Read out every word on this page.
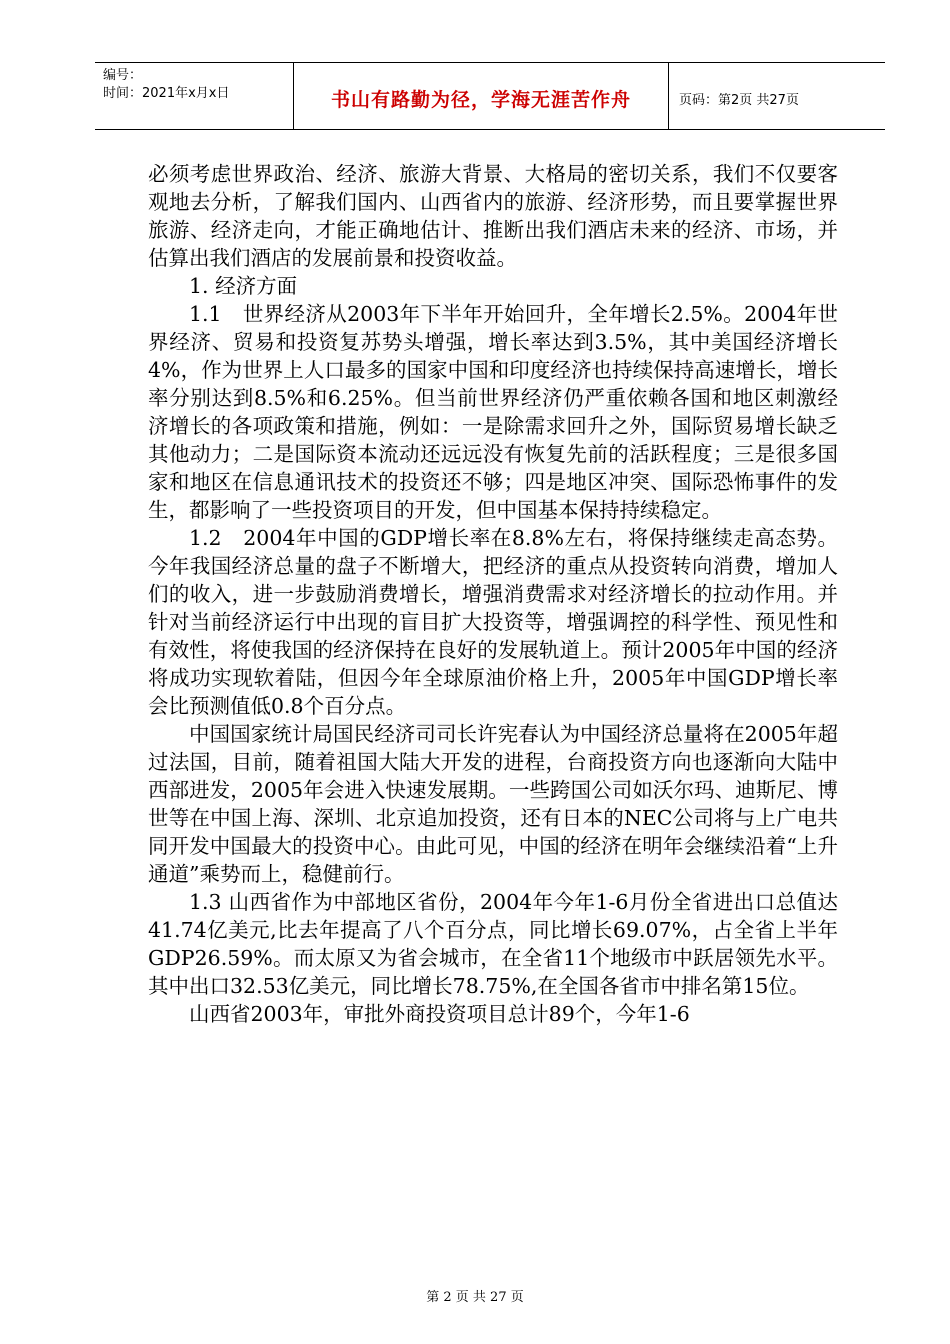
编号：
时间：2021年x月x日	书山有路勤为径，学海无涯苦作舟	页码：第2页 共27页

必须考虑世界政治、经济、旅游大背景、大格局的密切关系，我们不仅要客观地去分析，了解我们国内、山西省内的旅游、经济形势，而且要掌握世界旅游、经济走向，才能正确地估计、推断出我们酒店未来的经济、市场，并估算出我们酒店的发展前景和投资收益。

1. 经济方面

1.1　世界经济从2003年下半年开始回升，全年增长2.5%。2004年世界经济、贸易和投资复苏势头增强，增长率达到3.5%，其中美国经济增长4%，作为世界上人口最多的国家中国和印度经济也持续保持高速增长，增长率分别达到8.5%和6.25%。但当前世界经济仍严重依赖各国和地区刺激经济增长的各项政策和措施，例如：一是除需求回升之外，国际贸易增长缺乏其他动力；二是国际资本流动还远远没有恢复先前的活跃程度；三是很多国家和地区在信息通讯技术的投资还不够；四是地区冲突、国际恐怖事件的发生，都影响了一些投资项目的开发，但中国基本保持持续稳定。

1.2　2004年中国的GDP增长率在8.8%左右，将保持继续走高态势。今年我国经济总量的盘子不断增大，把经济的重点从投资转向消费，增加人们的收入，进一步鼓励消费增长，增强消费需求对经济增长的拉动作用。并针对当前经济运行中出现的盲目扩大投资等，增强调控的科学性、预见性和有效性，将使我国的经济保持在良好的发展轨道上。预计2005年中国的经济将成功实现软着陆，但因今年全球原油价格上升，2005年中国GDP增长率会比预测值低0.8个百分点。

中国国家统计局国民经济司司长许宪春认为中国经济总量将在2005年超过法国，目前，随着祖国大陆大开发的进程，台商投资方向也逐渐向大陆中西部进发，2005年会进入快速发展期。一些跨国公司如沃尔玛、迪斯尼、博世等在中国上海、深圳、北京追加投资，还有日本的NEC公司将与上广电共同开发中国最大的投资中心。由此可见，中国的经济在明年会继续沿着“上升通道”乘势而上，稳健前行。

1.3 山西省作为中部地区省份，2004年今年1-6月份全省进出口总值达41.74亿美元,比去年提高了八个百分点，同比增长69.07%，占全省上半年GDP26.59%。而太原又为省会城市，在全省11个地级市中跃居领先水平。其中出口32.53亿美元，同比增长78.75%,在全国各省市中排名第15位。

山西省2003年，审批外商投资项目总计89个，今年1-6

第 2 页 共 27 页
